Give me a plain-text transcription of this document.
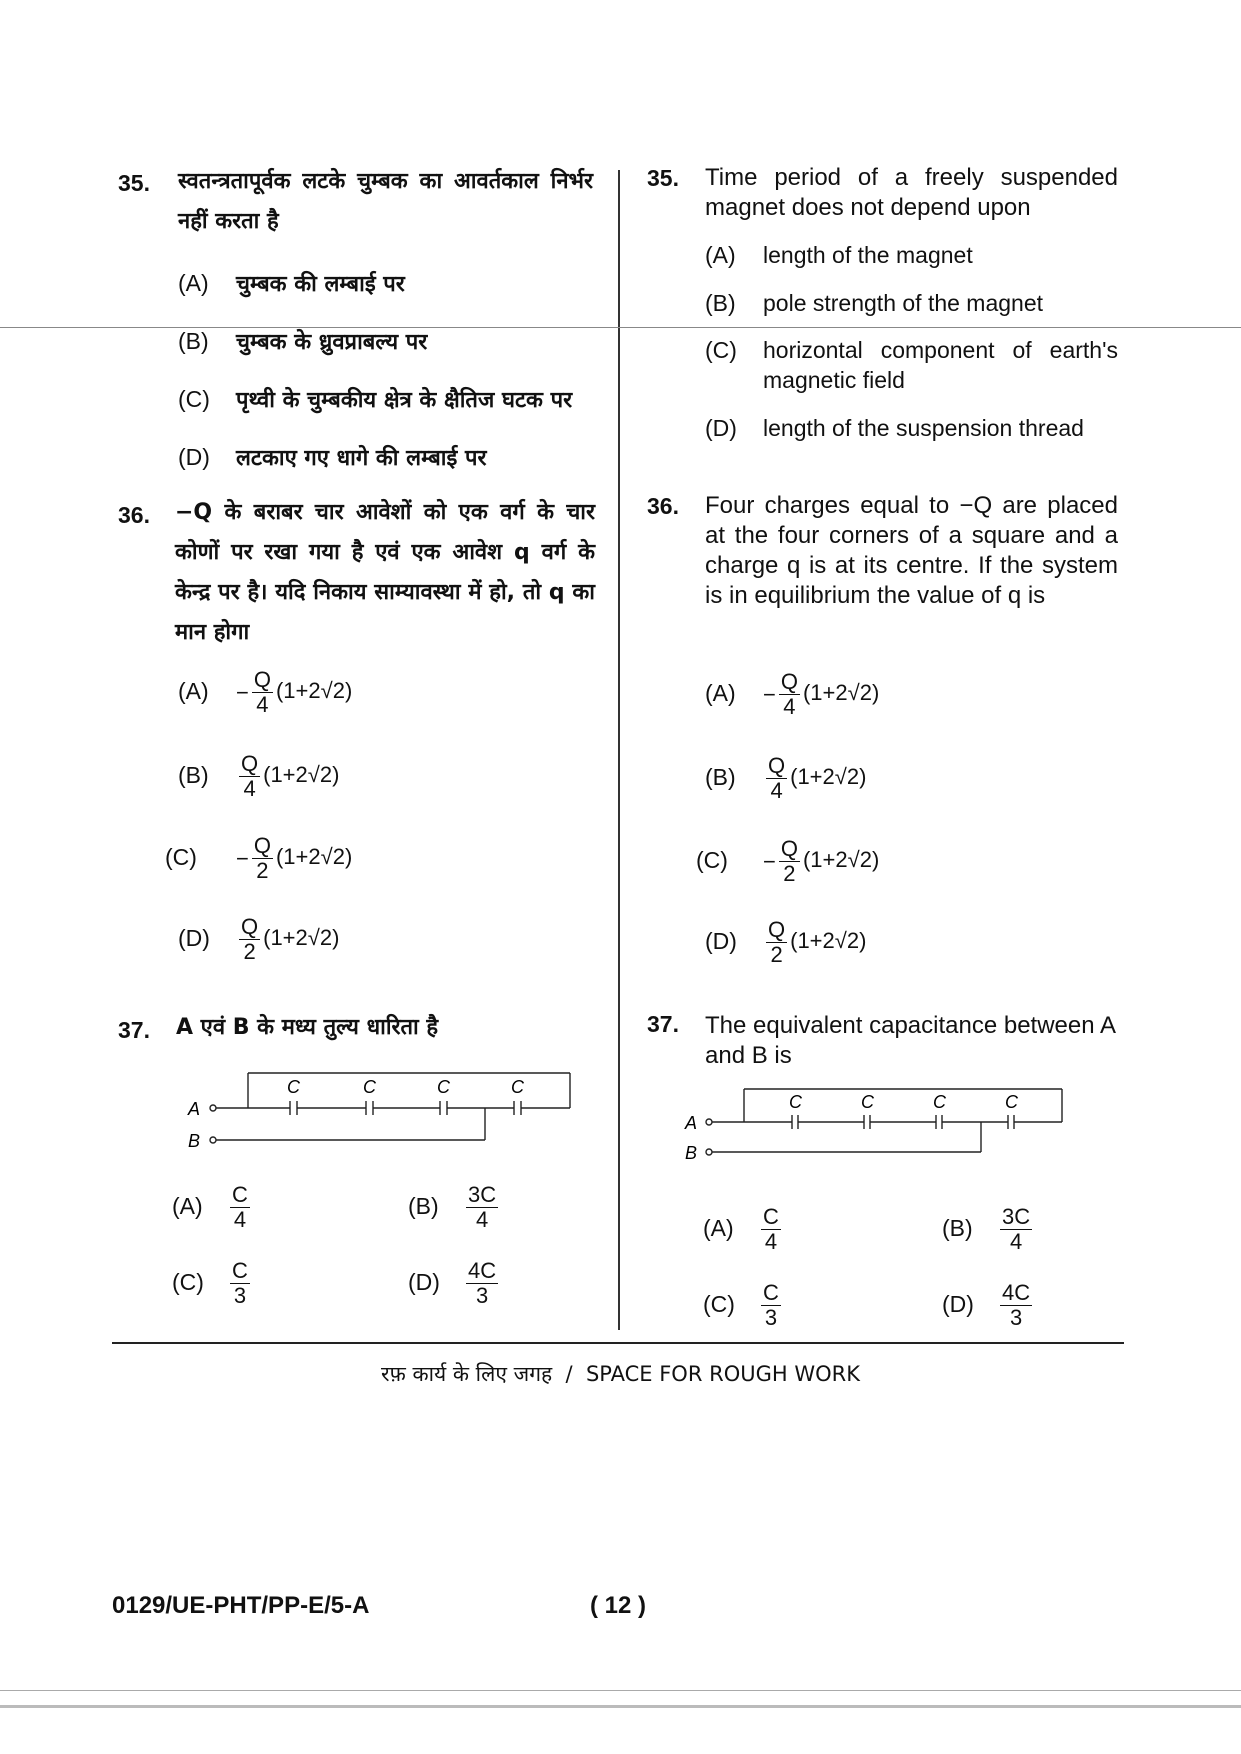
35. स्वतन्त्रतापूर्वक लटके चुम्बक का आवर्तकाल निर्भर नहीं करता है
(A) चुम्बक की लम्बाई पर
(B) चुम्बक के ध्रुवप्राबल्य पर
(C) पृथ्वी के चुम्बकीय क्षेत्र के क्षैतिज घटक पर
(D) लटकाए गए धागे की लम्बाई पर
36. −Q के बराबर चार आवेशों को एक वर्ग के चार कोणों पर रखा गया है एवं एक आवेश q वर्ग के केन्द्र पर है। यदि निकाय साम्यावस्था में हो, तो q का मान होगा
$(A) - \frac{Q}{4} (1+2√2)$
$(B) \frac{Q}{4} (1+2√2)$
$(C) - \frac{Q}{2} (1+2√2)$
$(D) \frac{Q}{2} (1+2√2)$
37. A एवं B के मध्य तुल्य धारिता है
A
B
C	C	C	C
$(A) \frac{C}{4}$	$(B) \frac{3C}{4}$
$(C) \frac{C}{3}$	$(D) \frac{4C}{3}$
35. Time period of a freely suspended magnet does not depend upon
(A) length of the magnet
(B) pole strength of the magnet
(C)	horizontal component of earth's magnetic field
(D)	length of the suspension thread
36. Four charges equal to −Q are placed at the four corners of a square and a charge q is at its centre. If the system is in equilibrium the value of q is
$(A) - \frac{Q}{4} (1+2√2)$
$(B) \frac{Q}{4} (1+2√2)$
$(C) - \frac{Q}{2} (1+2√2)$
$(D) \frac{Q}{2} (1+2√2)$
37. The equivalent capacitance between A and B is
A
B
C	C	C	C
$(A) \frac{C}{4}$	$(B) \frac{3C}{4}$
$(C) \frac{C}{3}$	$(D) \frac{4C}{3}$
रफ़ कार्य के लिए जगह  /  SPACE FOR ROUGH WORK
0129/UE-PHT/PP-E/5-A	( 12 )
